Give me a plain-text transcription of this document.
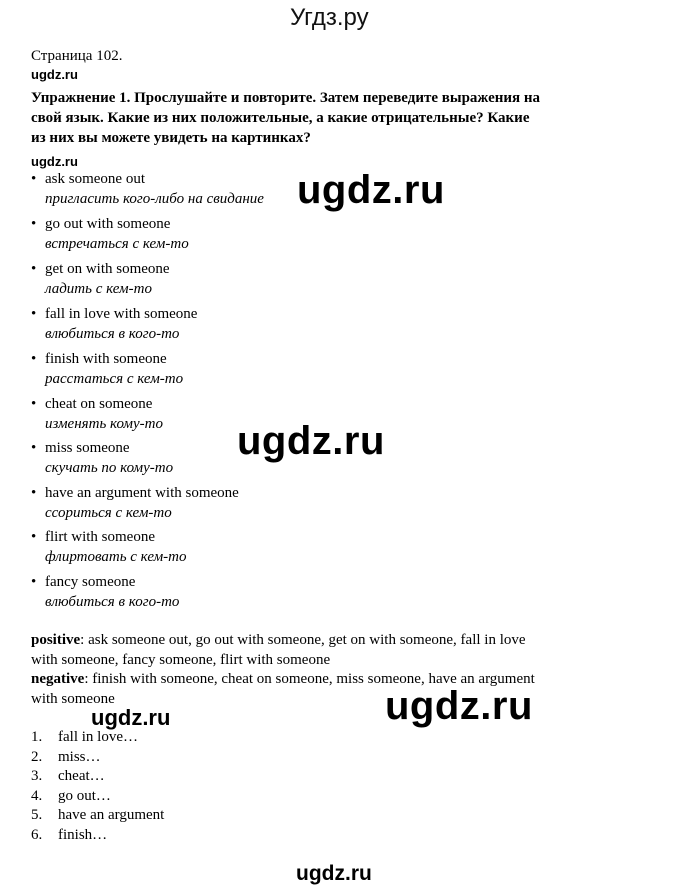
Угдз.ру
Страница 102.
ugdz.ru
Упражнение 1. Прослушайте и повторите. Затем переведите выражения на
свой язык. Какие из них положительные, а какие отрицательные? Какие
из них вы можете увидеть на картинках?
ugdz.ru
• ask someone out
пригласить кого-либо на свидание
• go out with someone
встречаться с кем-то
• get on with someone
ладить с кем-то
• fall in love with someone
влюбиться в кого-то
• finish with someone
расстаться с кем-то
• cheat on someone
изменять кому-то
• miss someone
скучать по кому-то
• have an argument with someone
ссориться с кем-то
• flirt with someone
флиртовать с кем-то
• fancy someone
влюбиться в кого-то
ugdz.ru
ugdz.ru
positive: ask someone out, go out with someone, get on with someone, fall in love
with someone, fancy someone, flirt with someone
negative: finish with someone, cheat on someone, miss someone, have an argument
with someone
ugdz.ru	ugdz.ru
1. fall in love…
2. miss…
3. cheat…
4. go out…
5. have an argument
6. finish…
ugdz.ru
